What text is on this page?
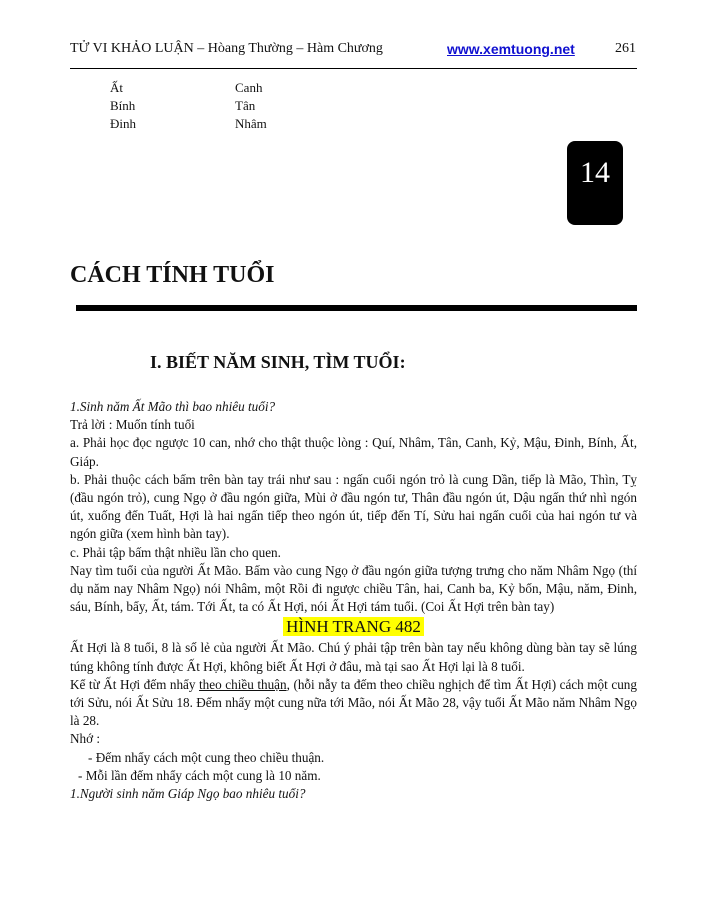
TỬ VI KHẢO LUẬN – Hòang Thường – Hàm Chương	www.xemtuong.net	261
Ất	Canh
Bính	Tân
Đinh	Nhâm
14
CÁCH TÍNH TUỔI
I. BIẾT NĂM SINH, TÌM TUỔI:

1.Sinh năm Ất Mão thì bao nhiêu tuổi?

Trả lời : Muốn tính tuổi

a. Phải học đọc ngược 10 can, nhớ cho thật thuộc lòng : Quí, Nhâm, Tân, Canh, Kỷ, Mậu, Đinh, Bính, Ất, Giáp.

b. Phải thuộc cách bấm trên bàn tay trái như sau : ngấn cuối ngón trỏ là cung Dần, tiếp là Mão, Thìn, Tỵ (đầu ngón trỏ), cung Ngọ ở đầu ngón giữa, Mùi ở đầu ngón tư, Thân đầu ngón út, Dậu ngấn thứ nhì ngón út, xuống đến Tuất, Hợi là hai ngấn tiếp theo ngón út, tiếp đến Tí, Sửu hai ngấn cuối của hai ngón tư và ngón giữa (xem hình bàn tay).

c. Phải tập bấm thật nhiều lần cho quen.

Nay tìm tuổi của người Ất Mão. Bấm vào cung Ngọ ở đầu ngón giữa tượng trưng cho năm Nhâm Ngọ (thí dụ năm nay Nhâm Ngọ) nói Nhâm, một Rồi đi ngược chiều Tân, hai, Canh ba, Kỷ bốn, Mậu, năm, Đinh, sáu, Bính, bẩy, Ất, tám. Tới Ất, ta có Ất Hợi, nói Ất Hợi tám tuổi. (Coi Ất Hợi trên bàn tay)

HÌNH TRANG 482

Ất Hợi là 8 tuổi, 8 là số lẻ của người Ất Mão. Chú ý phải tập trên bàn tay nếu không dùng bàn tay sẽ lúng túng không tính được Ất Hợi, không biết Ất Hợi ở đâu, mà tại sao Ất Hợi lại là 8 tuổi.

Kể từ Ất Hợi đếm nhẩy theo chiều thuận, (hỗi nẫy ta đếm theo chiều nghịch để tìm Ất Hợi) cách một cung tới Sửu, nói Ất Sửu 18. Đếm nhẩy một cung nữa tới Mão, nói Ất Mão 28, vậy tuổi Ất Mão năm Nhâm Ngọ là 28.

Nhớ :

- Đếm nhẩy cách một cung theo chiều thuận.

- Mỗi lần đếm nhẩy cách một cung là 10 năm.

1.Người sinh năm Giáp Ngọ bao nhiêu tuổi?
